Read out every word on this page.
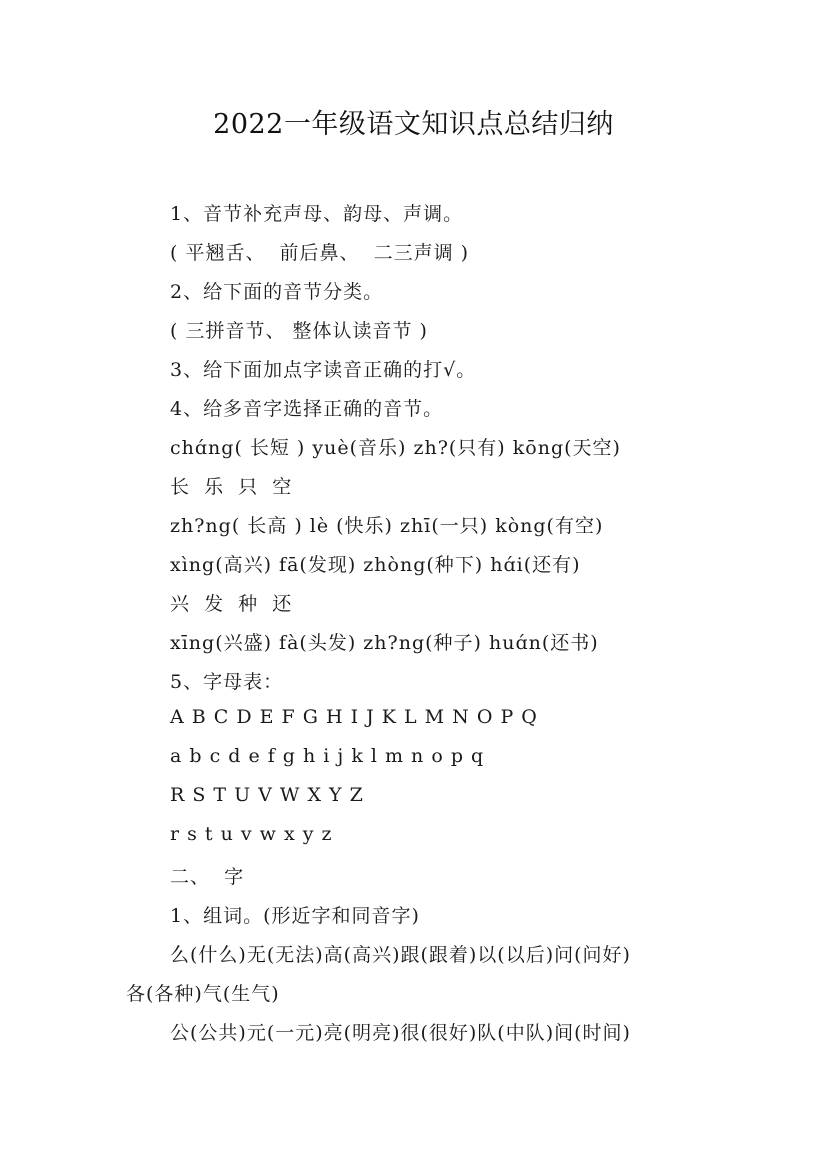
2022一年级语文知识点总结归纳
1、音节补充声母、韵母、声调。
( 平翘舌、  前后鼻、  二三声调 )
2、给下面的音节分类。
( 三拼音节、 整体认读音节 )
3、给下面加点字读音正确的打√。
4、给多音字选择正确的音节。
chɑ́ng( 长短 ) yuè(音乐) zh?(只有) kōng(天空)
长  乐  只  空
zh?ng( 长高 ) lè (快乐) zhī(一只) kòng(有空)
xìng(高兴) fā(发现) zhòng(种下) hɑ́i(还有)
兴  发  种  还
xīng(兴盛) fà(头发) zh?ng(种子) huɑ́n(还书)
5、字母表：
A B C D E F G H I J K L M N O P Q
a b c d e f g h i j k l m n o p q
R S T U V W X Y Z
r s t u v w x y z
二、  字
1、组词。(形近字和同音字)
么(什么)无(无法)高(高兴)跟(跟着)以(以后)问(问好)
各(各种)气(生气)
公(公共)元(一元)亮(明亮)很(很好)队(中队)间(时间)
